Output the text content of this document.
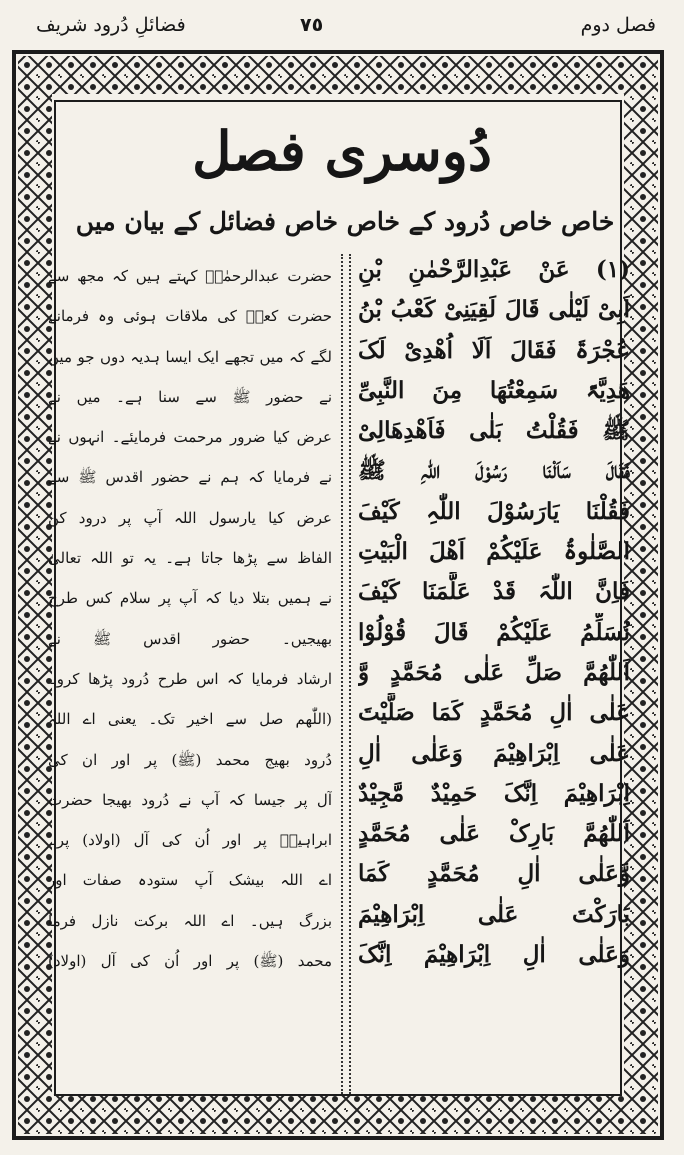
فضائلِ دُرود شریف	٧٥	فصل دوم
دُوسری فصل
خاص خاص دُرود کے خاص خاص فضائل کے بیان میں
(١) عَنْ عَبْدِالرَّحْمٰنِ بْنِ
اَبِیْ لَیْلٰی قَالَ لَقِیَنِیْ کَعْبُ بْنُ
عُجْرَۃَ فَقَالَ اَلَا اُھْدِیْ لَکَ
ھَدِیَّۃً سَمِعْتُھَا مِنَ النَّبِیِّ
ﷺ فَقُلْتُ بَلٰی فَاَھْدِھَالِیْ
فَقَالَ سَاَلْنَا رَسُوْلَ اللّٰہِ ﷺ
فَقُلْنَا یَارَسُوْلَ اللّٰہِ کَیْفَ
الصَّلٰوۃُ عَلَیْکُمْ اَھْلَ الْبَیْتِ
فَاِنَّ اللّٰہَ قَدْ عَلَّمَنَا کَیْفَ
نُسَلِّمُ عَلَیْکُمْ قَالَ قُوْلُوْا
اَللّٰھُمَّ صَلِّ عَلٰی مُحَمَّدٍ وَّ
عَلٰی اٰلِ مُحَمَّدٍ کَمَا صَلَّیْتَ
عَلٰی اِبْرَاھِیْمَ وَعَلٰی اٰلِ
اِبْرَاھِیْمَ اِنَّکَ حَمِیْدٌ مَّجِیْدٌ
اَللّٰھُمَّ بَارِکْ عَلٰی مُحَمَّدٍ
وَّعَلٰی اٰلِ مُحَمَّدٍ کَمَا
بَارَکْتَ عَلٰی اِبْرَاھِیْمَ
وَعَلٰی اٰلِ اِبْرَاھِیْمَ اِنَّکَ
حضرت عبدالرحمٰنؒ کہتے ہیں کہ مجھ سے
حضرت کعبؓ کی ملاقات ہوئی وہ فرمانے
لگے کہ میں تجھے ایک ایسا ہدیہ دوں جو میں
نے حضور ﷺ سے سنا ہے۔ میں نے
عرض کیا ضرور مرحمت فرمایئے۔ انہوں نے
نے فرمایا کہ ہم نے حضور اقدس ﷺ سے
عرض کیا یارسول اللہ آپ پر درود کن
الفاظ سے پڑھا جاتا ہے۔ یہ تو اللہ تعالیٰ
نے ہمیں بتلا دیا کہ آپ پر سلام کس طرح
بھیجیں۔ حضور اقدس ﷺ نے
ارشاد فرمایا کہ اس طرح دُرود پڑھا کرو۔
(اللّٰھم صل سے اخیر تک۔ یعنی اے اللہ
دُرود بھیج محمد (ﷺ) پر اور ان کی
آل پر جیسا کہ آپ نے دُرود بھیجا حضرت
ابراہیمؑ پر اور اُن کی آل (اولاد) پر۔
اے اللہ بیشک آپ ستودہ صفات اور
بزرگ ہیں۔ اے اللہ برکت نازل فرما
محمد (ﷺ) پر اور اُن کی آل (اولاد)
